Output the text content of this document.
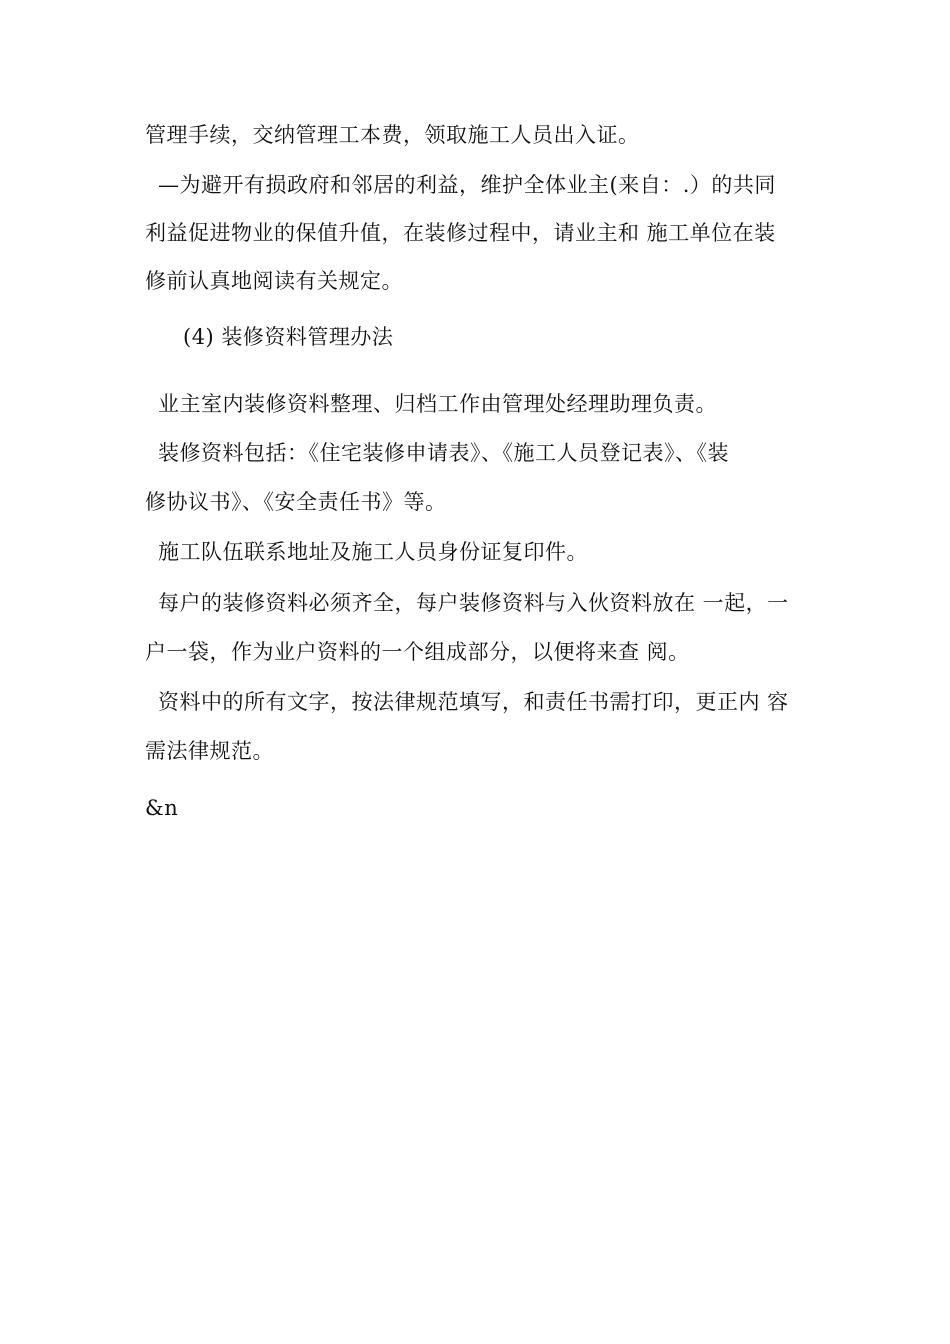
管理手续，交纳管理工本费，领取施工人员出入证。
—为避开有损政府和邻居的利益，维护全体业主(来自：.）的共同
利益促进物业的保值升值，在装修过程中，请业主和 施工单位在装
修前认真地阅读有关规定。
(4) 装修资料管理办法
业主室内装修资料整理、归档工作由管理处经理助理负责。
装修资料包括：《住宅装修申请表》、《施工人员登记表》、《装
修协议书》、《安全责任书》等。
施工队伍联系地址及施工人员身份证复印件。
每户的装修资料必须齐全，每户装修资料与入伙资料放在 一起，一
户一袋，作为业户资料的一个组成部分，以便将来查 阅。
资料中的所有文字，按法律规范填写，和责任书需打印，更正内 容
需法律规范。
&n
